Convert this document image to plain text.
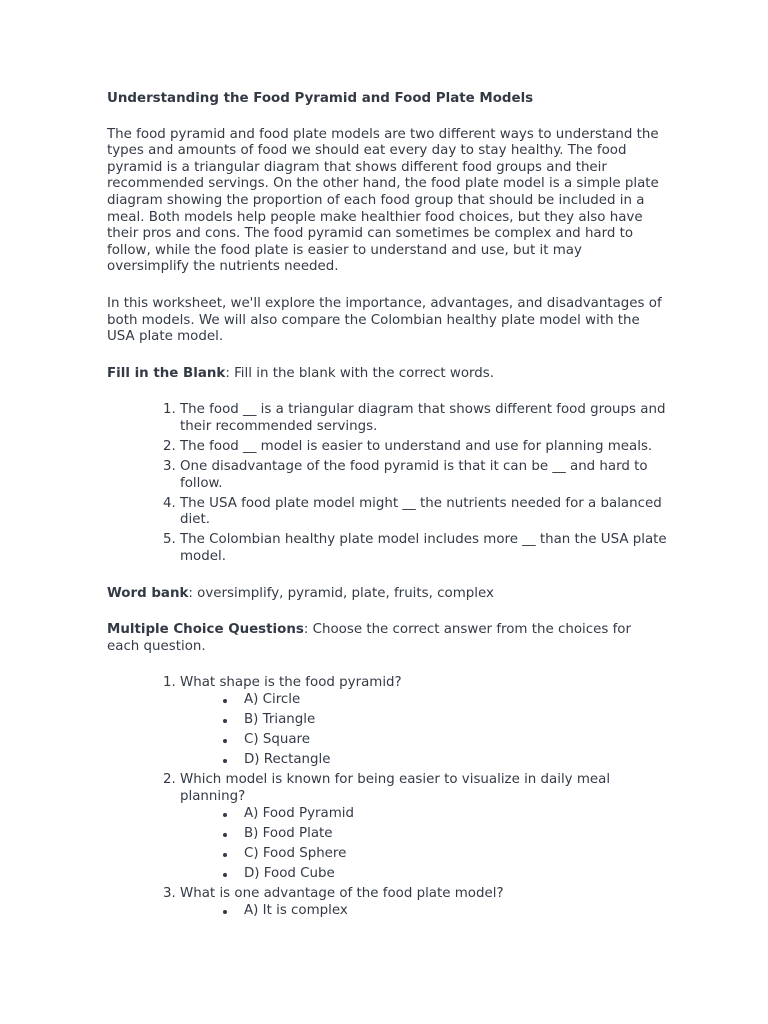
Understanding the Food Pyramid and Food Plate Models

The food pyramid and food plate models are two different ways to understand the types and amounts of food we should eat every day to stay healthy. The food pyramid is a triangular diagram that shows different food groups and their recommended servings. On the other hand, the food plate model is a simple plate diagram showing the proportion of each food group that should be included in a meal. Both models help people make healthier food choices, but they also have their pros and cons. The food pyramid can sometimes be complex and hard to follow, while the food plate is easier to understand and use, but it may oversimplify the nutrients needed.

In this worksheet, we'll explore the importance, advantages, and disadvantages of both models. We will also compare the Colombian healthy plate model with the USA plate model.

Fill in the Blank: Fill in the blank with the correct words.

1. The food __ is a triangular diagram that shows different food groups and their recommended servings.
2. The food __ model is easier to understand and use for planning meals.
3. One disadvantage of the food pyramid is that it can be __ and hard to follow.
4. The USA food plate model might __ the nutrients needed for a balanced diet.
5. The Colombian healthy plate model includes more __ than the USA plate model.

Word bank: oversimplify, pyramid, plate, fruits, complex

Multiple Choice Questions: Choose the correct answer from the choices for each question.

1. What shape is the food pyramid?
A) Circle
B) Triangle
C) Square
D) Rectangle
2. Which model is known for being easier to visualize in daily meal planning?
A) Food Pyramid
B) Food Plate
C) Food Sphere
D) Food Cube
3. What is one advantage of the food plate model?
A) It is complex
